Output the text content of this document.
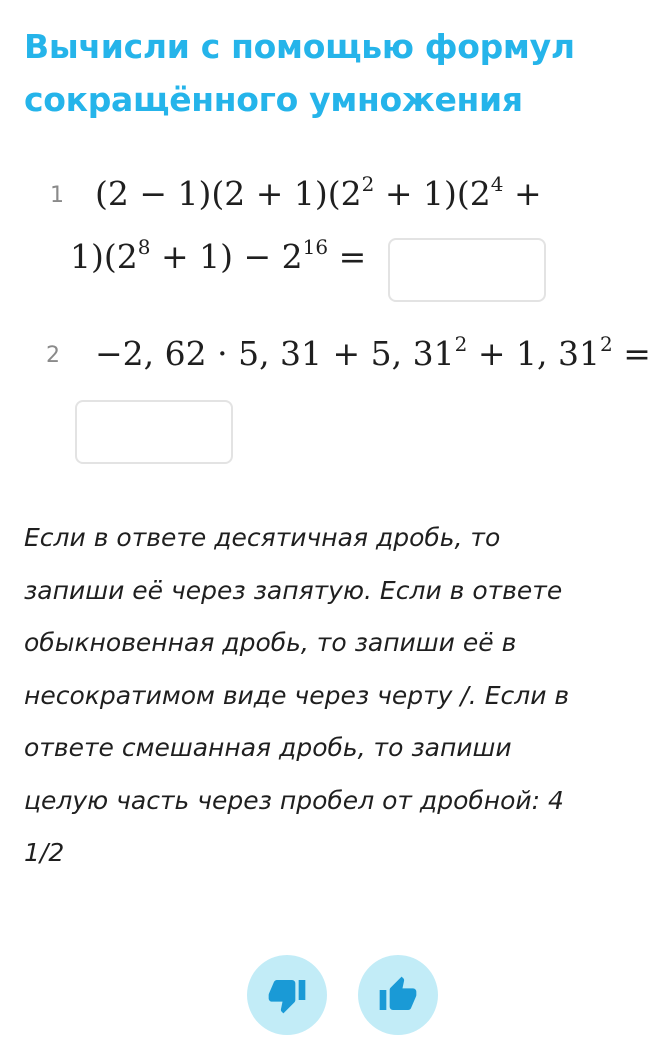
Вычисли с помощью формул сокращённого умножения
1 $(2 - 1)(2 + 1)(2^2 + 1)(2^4$ +
$1)(2^8 + 1) - 2^{16}$ =
2 −2, 62 · 5, 31 + 5, $31^2 + 1$, $31^2$ =
Если в ответе десятичная дробь, то
запиши её через запятую. Если в ответе
обыкновенная дробь, то запиши её в
несократимом виде через черту /. Если в
ответе смешанная дробь, то запиши
целую часть через пробел от дробной: 4
1/2
